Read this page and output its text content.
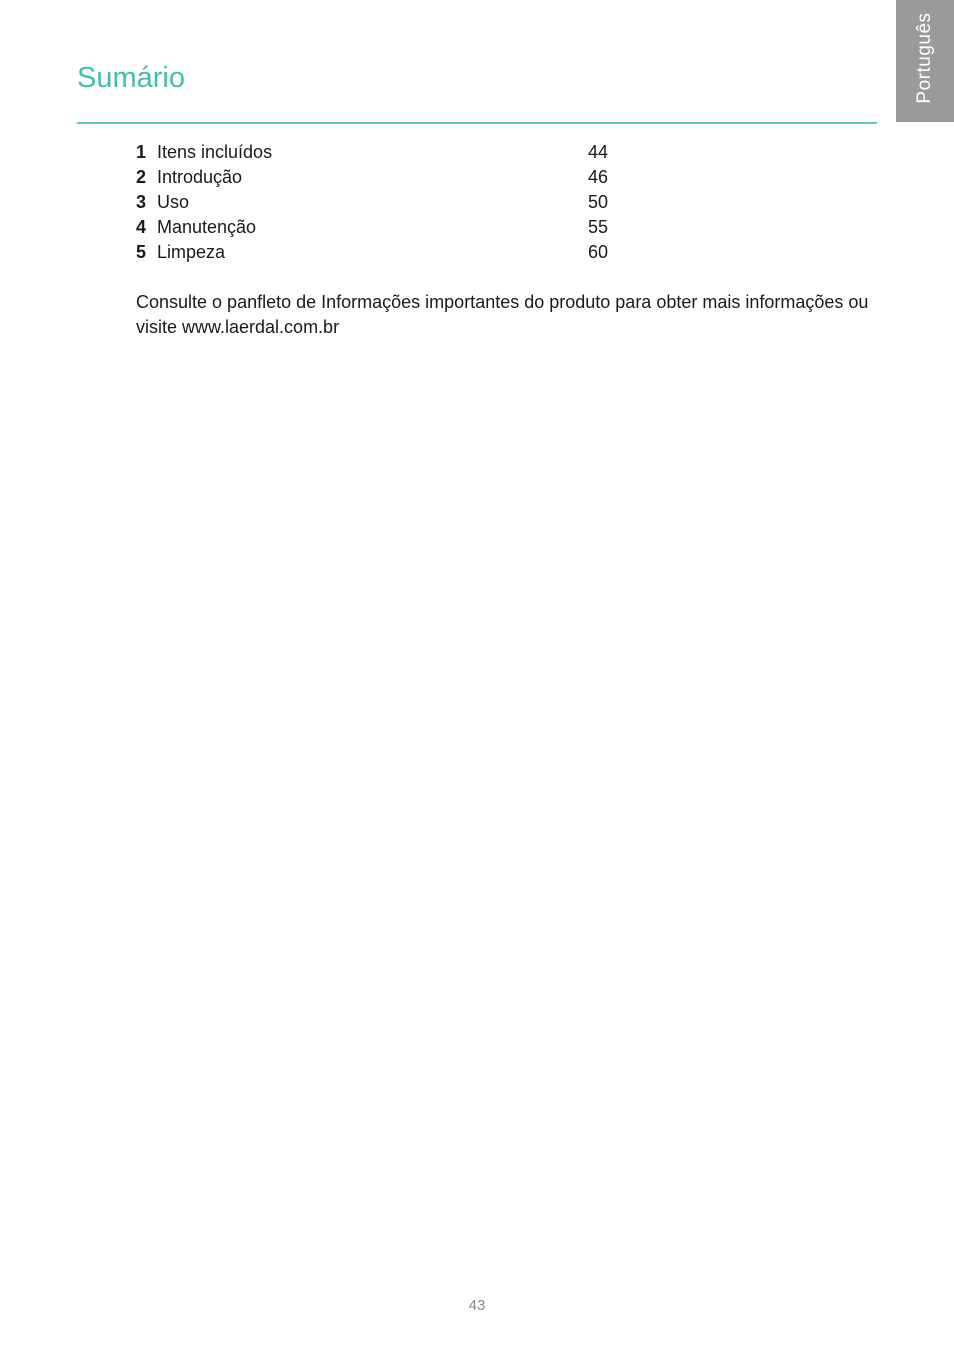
Português
Sumário
1 Itens incluídos	44
2 Introdução	46
3 Uso	50
4 Manutenção	55
5 Limpeza	60

Consulte o panfleto de Informações importantes do produto para obter mais informações ou visite www.laerdal.com.br

43
